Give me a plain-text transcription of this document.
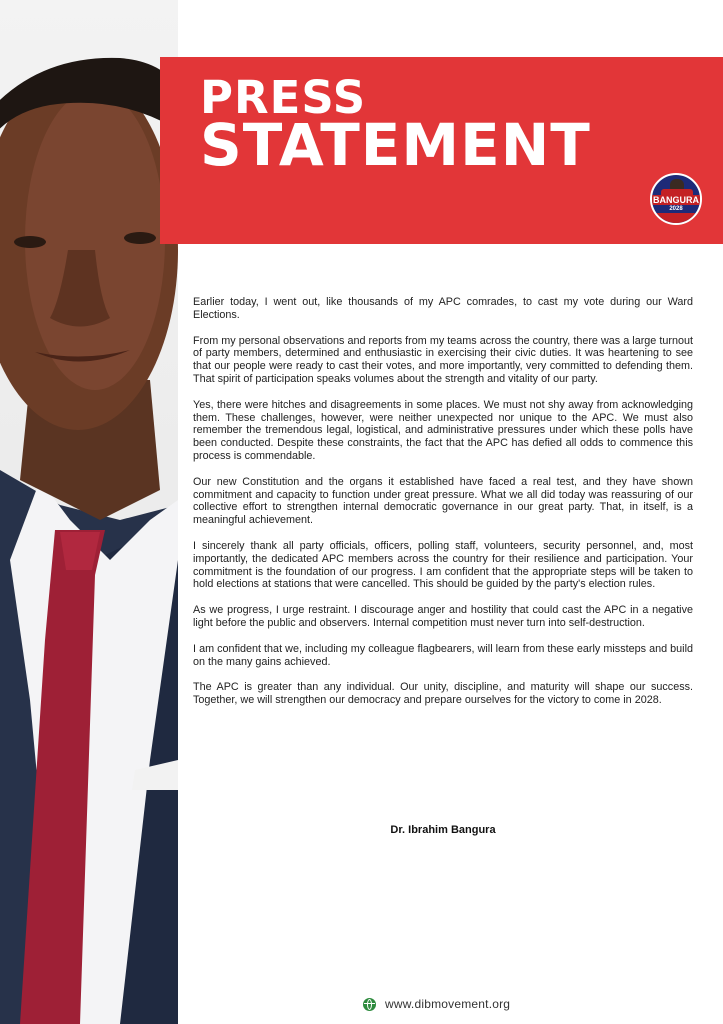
PRESS
STATEMENT
BANGURA
2028

Earlier today, I went out, like thousands of my APC comrades, to cast my vote during our Ward Elections.

From my personal observations and reports from my teams across the country, there was a large turnout of party members, determined and enthusiastic in exercising their civic duties. It was heartening to see that our people were ready to cast their votes, and more importantly, very committed to defending them. That spirit of participation speaks volumes about the strength and vitality of our party.

Yes, there were hitches and disagreements in some places. We must not shy away from acknowledging them. These challenges, however, were neither unexpected nor unique to the APC. We must also remember the tremendous legal, logistical, and administrative pressures under which these polls have been conducted. Despite these constraints, the fact that the APC has defied all odds to commence this process is commendable.

Our new Constitution and the organs it established have faced a real test, and they have shown commitment and capacity to function under great pressure. What we all did today was reassuring of our collective effort to strengthen internal democratic governance in our great party. That, in itself, is a meaningful achievement.

I sincerely thank all party officials, officers, polling staff, volunteers, security personnel, and, most importantly, the dedicated APC members across the country for their resilience and participation. Your commitment is the foundation of our progress. I am confident that the appropriate steps will be taken to hold elections at stations that were cancelled. This should be guided by the party's election rules.

As we progress, I urge restraint. I discourage anger and hostility that could cast the APC in a negative light before the public and observers. Internal competition must never turn into self-destruction.

I am confident that we, including my colleague flagbearers, will learn from these early missteps and build on the many gains achieved.

The APC is greater than any individual. Our unity, discipline, and maturity will shape our success. Together, we will strengthen our democracy and prepare ourselves for the victory to come in 2028.

Dr. Ibrahim Bangura
www.dibmovement.org
